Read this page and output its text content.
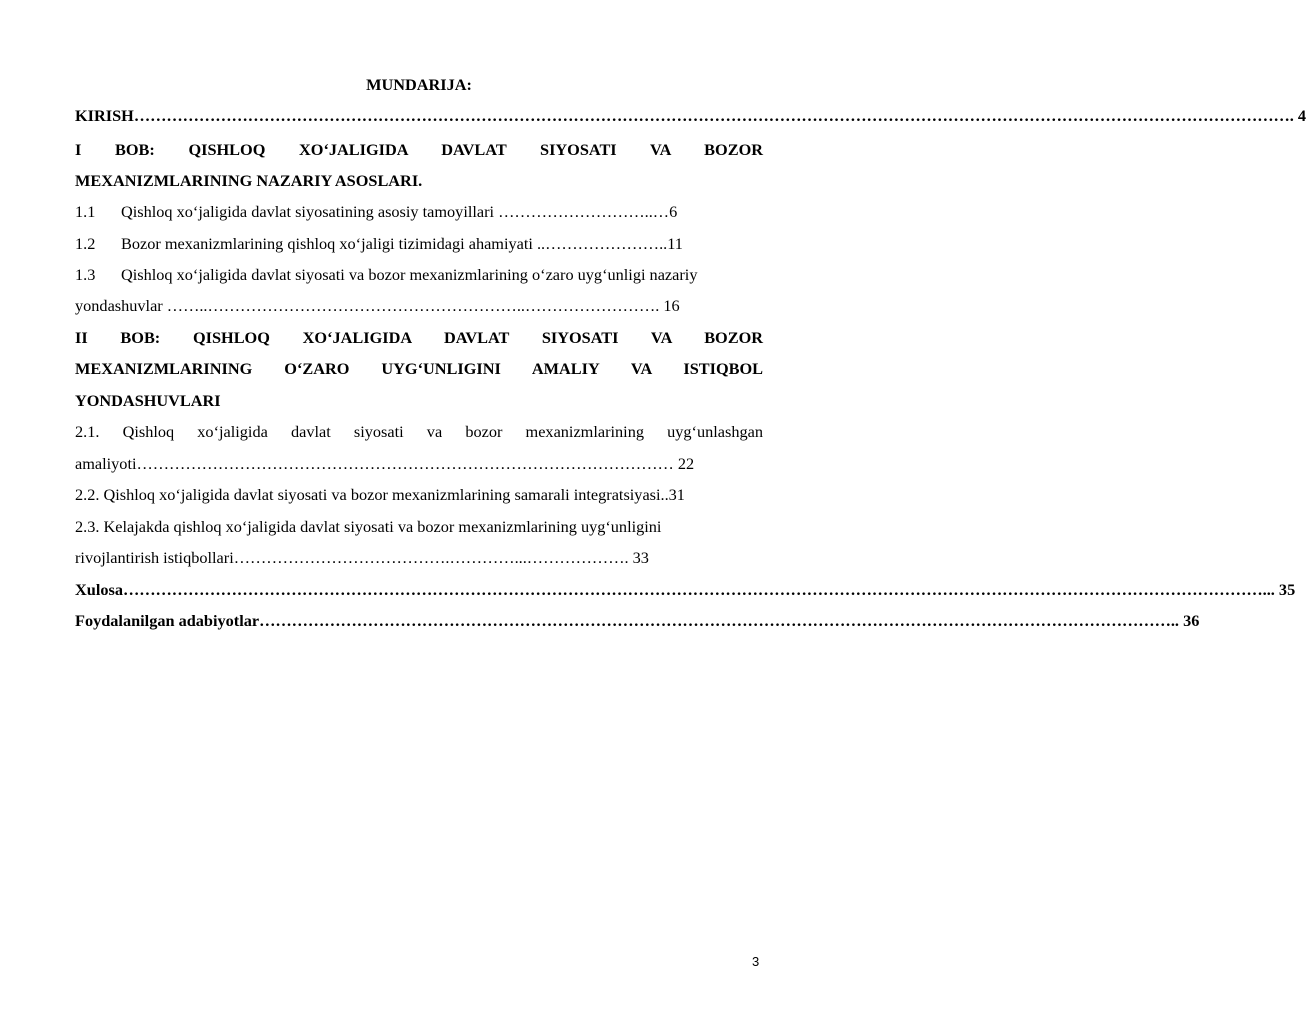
MUNDARIJA:
KIRISH……………………………………………………………………………………………………………………………………………………………………………………………. 4
I BOB: QISHLOQ XO‘JALIGIDA DAVLAT SIYOSATI VA BOZOR
MEXANIZMLARINING NAZARIY ASOSLARI.
1.1 Qishloq xo‘jaligida davlat siyosatining asosiy tamoyillari ………………………..…6
1.2 Bozor mexanizmlarining qishloq xo‘jaligi tizimidagi ahamiyati ..…………………..11
1.3 Qishloq xo‘jaligida davlat siyosati va bozor mexanizmlarining o‘zaro uyg‘unligi nazariy
yondashuvlar ……..…………………………………………………..……………………. 16
II BOB: QISHLOQ XO‘JALIGIDA DAVLAT SIYOSATI VA BOZOR
MEXANIZMLARINING O‘ZARO UYG‘UNLIGINI AMALIY VA ISTIQBOL
YONDASHUVLARI
2.1. Qishloq xo‘jaligida davlat siyosati va bozor mexanizmlarining uyg‘unlashgan
amaliyoti……………………………………………………………………………………… 22
2.2. Qishloq xo‘jaligida davlat siyosati va bozor mexanizmlarining samarali integratsiyasi..31
2.3. Kelajakda qishloq xo‘jaligida davlat siyosati va bozor mexanizmlarining uyg‘unligini
rivojlantirish istiqbollari………………………………….…………...………………. 33
Xulosa…………………………………………………………………………………………………………………………………………………………………………………………... 35
Foydalanilgan adabiyotlar…………………………………………………………………………………………………………………………………………………….. 36
3
